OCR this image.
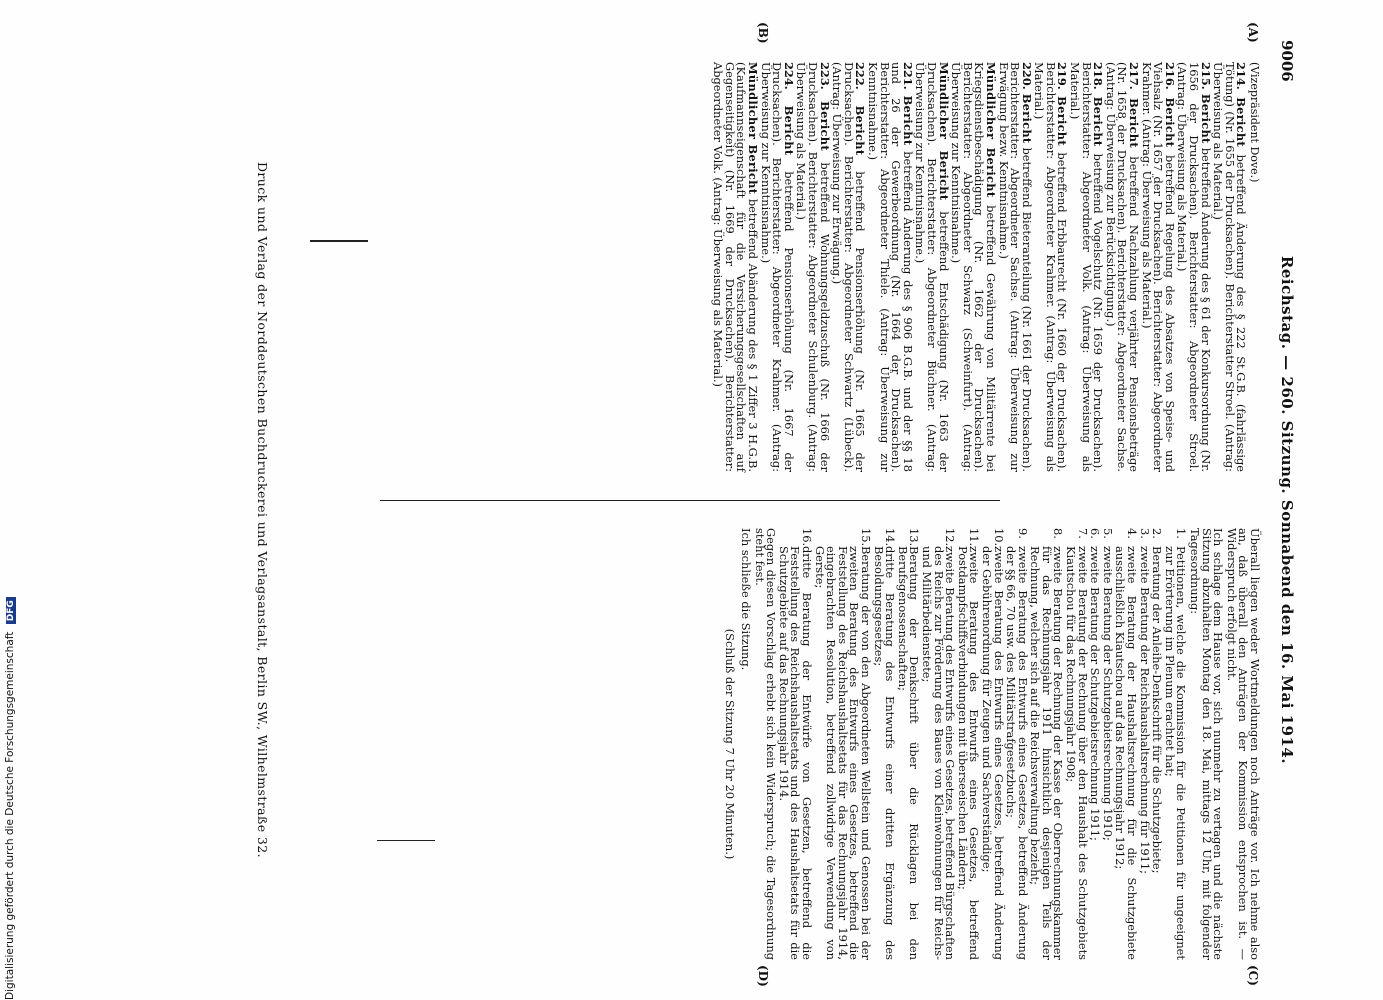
9006
Reichstag. — 260. Sitzung. Sonnabend den 16. Mai 1914.
(A)
(B)
(C)
(D)
(Vizepräsident Dove.)

214. Bericht betreffend Änderung des § 222 St.G.B. (fahrlässige Tötung) (Nr. 1655 der Drucksachen). Berichterstatter Stroel. (Antrag: Überweisung als Material.)

215. Bericht betreffend Änderung des § 61 der Konkursordnung (Nr. 1656 der Drucksachen). Berichterstatter: Abgeordneter Stroel. (Antrag: Überweisung als Material.)

216. Bericht betreffend Regelung des Absatzes von Speise- und Viehsalz (Nr. 1657 der Drucksachen). Berichterstatter: Abgeordneter Krahmer. (Antrag: Überweisung als Material.)

217. Bericht betreffend Nachzahlung verjährter Pensionsbeträge (Nr. 1658 der Drucksachen). Berichterstatter: Abgeordneter Sachse. (Antrag: Überweisung zur Berücksichtigung.)

218. Bericht betreffend Vogelschutz (Nr. 1659 der Drucksachen). Berichterstatter: Abgeordneter Volk. (Antrag: Überweisung als Material.)

219. Bericht betreffend Erbbaurecht (Nr. 1660 der Drucksachen). Berichterstatter: Abgeordneter Krahmer. (Antrag: Überweisung als Material.)

220. Bericht betreffend Bieteranteilung (Nr. 1661 der Drucksachen). Berichterstatter: Abgeordneter Sachse. (Antrag: Überweisung zur Erwägung bezw. Kenntnisnahme.)

Mündlicher Bericht betreffend Gewährung von Militärrente bei Kriegsdienstbeschädigung (Nr. 1662 der Drucksachen). Berichterstatter: Abgeordneter Schwarz (Schweinfurt). (Antrag: Überweisung zur Kenntnisnahme.)

Mündlicher Bericht betreffend Entschädigung (Nr. 1663 der Drucksachen). Berichterstatter: Abgeordneter Büchner. (Antrag: Überweisung zur Kenntnisnahme.)

221. Bericht betreffend Änderung des § 906 B.G.B. und der §§ 18 und 26 der Gewerbeordnung (Nr. 1664 der Drucksachen). Berichterstatter: Abgeordneter Thiele. (Antrag: Überweisung zur Kenntnisnahme.)

222. Bericht betreffend Pensionserhöhung (Nr. 1665 der Drucksachen). Berichterstatter: Abgeordneter Schwartz (Lübeck). (Antrag: Überweisung zur Erwägung.)

223. Bericht betreffend Wohnungsgeldzuschuß (Nr. 1666 der Drucksachen). Berichterstatter: Abgeordneter Schulenburg. (Antrag: Überweisung als Material.)

224. Bericht betreffend Pensionserhöhung (Nr. 1667 der Drucksachen). Berichterstatter: Abgeordneter Krahmer. (Antrag: Überweisung zur Kenntnisnahme.)

Mündlicher Bericht betreffend Abänderung des § 1 Ziffer 3 H.G.B. (Kaufmannseigenschaft für die Versicherungsgesellschaften auf Gegenseitigkeit) (Nr. 1669 der Drucksachen). Berichterstatter: Abgeordneter Volk. (Antrag: Überweisung als Material.)

Überall liegen weder Wortmeldungen noch Anträge vor. Ich nehme also an, daß überall den Anträgen der Kommission entsprochen ist. — Widerspruch erfolgt nicht.

Ich schlage dem Hause vor, sich nunmehr zu vertagen und die nächste Sitzung abzuhalten Montag den 18. Mai, mittags 12 Uhr, mit folgender Tagesordnung:

1.
Petitionen, welche die Kommission für die Petitionen für ungeeignet zur Erörterung im Plenum erachtet hat;
2.
Beratung der Anleihe-Denkschrift für die Schutzgebiete;
3.
zweite Beratung der Reichshaushaltsrechnung für 1911;
4.
zweite Beratung der Haushaltsrechnung für die Schutzgebiete ausschließlich Kiautschou auf das Rechnungsjahr 1912;
5.
zweite Beratung der Schutzgebietsrechnung 1910;
6.
zweite Beratung der Schutzgebietsrechnung 1911;
7.
zweite Beratung der Rechnung über den Haushalt des Schutzgebiets Kiautschou für das Rechnungsjahr 1908;
8.
zweite Beratung der Rechnung der Kasse der Oberrechnungskammer für das Rechnungsjahr 1911 hinsichtlich desjenigen Teils der Rechnung, welcher sich auf die Reichsverwaltung bezieht;
9.
zweite Beratung des Entwurfs eines Gesetzes, betreffend Änderung der §§ 66, 70 usw. des Militärstrafgesetzbuchs;
10.
zweite Beratung des Entwurfs eines Gesetzes, betreffend Änderung der Gebührenordnung für Zeugen und Sachverständige;
11.
zweite Beratung des Entwurfs eines Gesetzes, betreffend Postdampfschiffsverbindungen mit überseeischen Ländern;
12.
zweite Beratung des Entwurfs eines Gesetzes, betreffend Bürgschaften des Reichs zur Förderung des Baues von Kleinwohnungen für Reichs- und Militärbedienstete;
13.
Beratung der Denkschrift über die Rücklagen bei den Berufsgenossenschaften;
14.
dritte Beratung des Entwurfs einer dritten Ergänzung des Besoldungsgesetzes;
15.
Beratung der von den Abgeordneten Wellstein und Genossen bei der zweiten Beratung des Entwurfs eines Gesetzes, betreffend die Feststellung des Reichshaushaltsetats für das Rechnungsjahr 1914, eingebrachten Resolution, betreffend zollwidrige Verwendung von Gerste;
16.
dritte Beratung der Entwürfe von Gesetzen, betreffend die Feststellung des Reichshaushaltsetats und des Haushaltsetats für die Schutzgebiete auf das Rechnungsjahr 1914.

Gegen diesen Vorschlag erhebt sich kein Widerspruch; die Tagesordnung steht fest.

Ich schließe die Sitzung.

(Schluß der Sitzung 7 Uhr 20 Minuten.)

Druck und Verlag der Norddeutschen Buchdruckerei und Verlagsanstalt, Berlin SW., Wilhelmstraße 32.
Digitalisierung gefördert durch die Deutsche Forschungsgemeinschaft DFG
